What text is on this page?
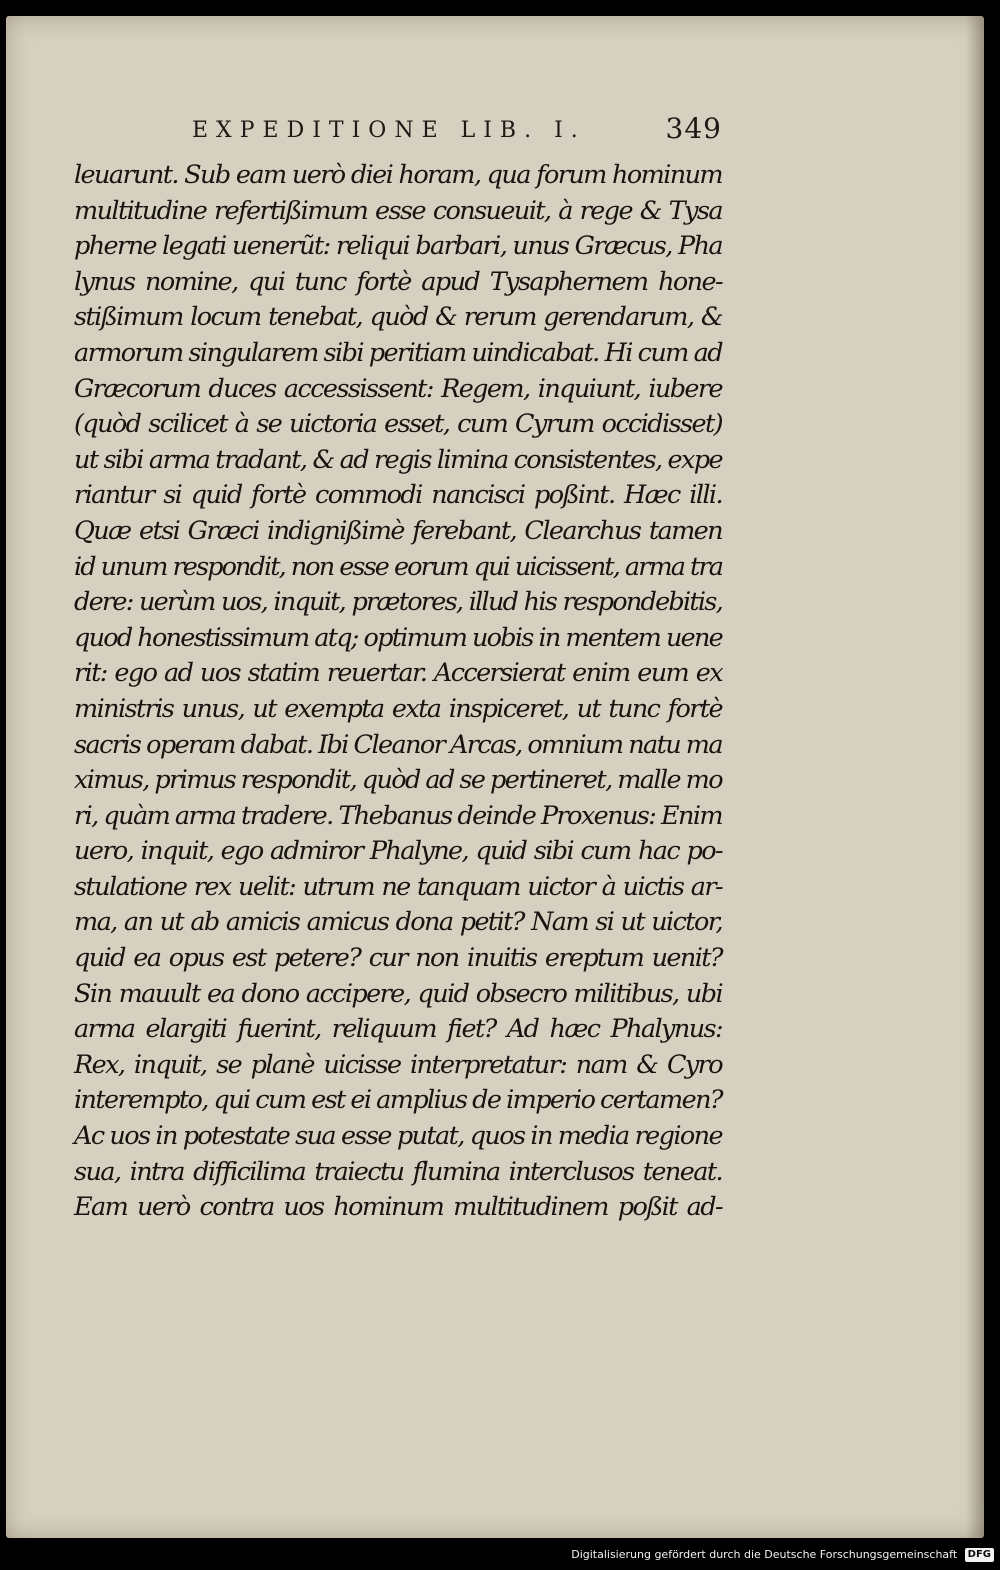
EXPEDITIONE LIB. I.	349
leuarunt. Sub eam uerò diei horam, qua forum hominum
multitudine refertißimum esse consueuit, à rege & Tysa
pherne legati uenerũt: reliqui barbari, unus Græcus, Pha
lynus nomine, qui tunc fortè apud Tysaphernem hone-
stißimum locum tenebat, quòd & rerum gerendarum, &
armorum singularem sibi peritiam uindicabat. Hi cum ad
Græcorum duces accessissent: Regem, inquiunt, iubere
(quòd scilicet à se uictoria esset, cum Cyrum occidisset)
ut sibi arma tradant, & ad regis limina consistentes, expe
riantur si quid fortè commodi nancisci poßint. Hæc illi.
Quæ etsi Græci indignißimè ferebant, Clearchus tamen
id unum respondit, non esse eorum qui uicissent, arma tra
dere: uerùm uos, inquit, prætores, illud his respondebitis,
quod honestissimum atq; optimum uobis in mentem uene
rit: ego ad uos statim reuertar. Accersierat enim eum ex
ministris unus, ut exempta exta inspiceret, ut tunc fortè
sacris operam dabat. Ibi Cleanor Arcas, omnium natu ma
ximus, primus respondit, quòd ad se pertineret, malle mo
ri, quàm arma tradere. Thebanus deinde Proxenus: Enim
uero, inquit, ego admiror Phalyne, quid sibi cum hac po-
stulatione rex uelit: utrum ne tanquam uictor à uictis ar-
ma, an ut ab amicis amicus dona petit? Nam si ut uictor,
quid ea opus est petere? cur non inuitis ereptum uenit?
Sin mauult ea dono accipere, quid obsecro militibus, ubi
arma elargiti fuerint, reliquum fiet? Ad hæc Phalynus:
Rex, inquit, se planè uicisse interpretatur: nam & Cyro
interempto, qui cum est ei amplius de imperio certamen?
Ac uos in potestate sua esse putat, quos in media regione
sua, intra difficilima traiectu flumina interclusos teneat.
Eam uerò contra uos hominum multitudinem poßit ad-
Digitalisierung gefördert durch die Deutsche Forschungsgemeinschaft DFG
